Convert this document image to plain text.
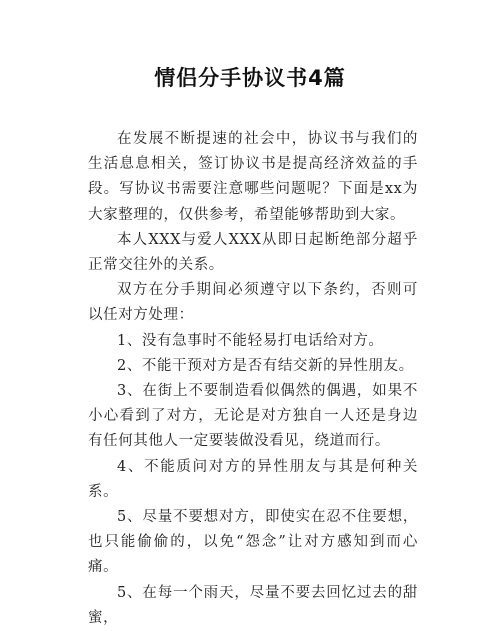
情侣分手协议书4篇

在发展不断提速的社会中，协议书与我们的生活息息相关，签订协议书是提高经济效益的手段。写协议书需要注意哪些问题呢？下面是xx为大家整理的，仅供参考，希望能够帮助到大家。

本人XXX与爱人XXX从即日起断绝部分超乎正常交往外的关系。

双方在分手期间必须遵守以下条约，否则可以任对方处理：

1、没有急事时不能轻易打电话给对方。

2、不能干预对方是否有结交新的异性朋友。

3、在街上不要制造看似偶然的偶遇，如果不小心看到了对方，无论是对方独自一人还是身边有任何其他人一定要装做没看见，绕道而行。

4、不能质问对方的异性朋友与其是何种关系。

5、尽量不要想对方，即使实在忍不住要想，也只能偷偷的，以免“怨念”让对方感知到而心痛。

5、在每一个雨天，尽量不要去回忆过去的甜蜜，
